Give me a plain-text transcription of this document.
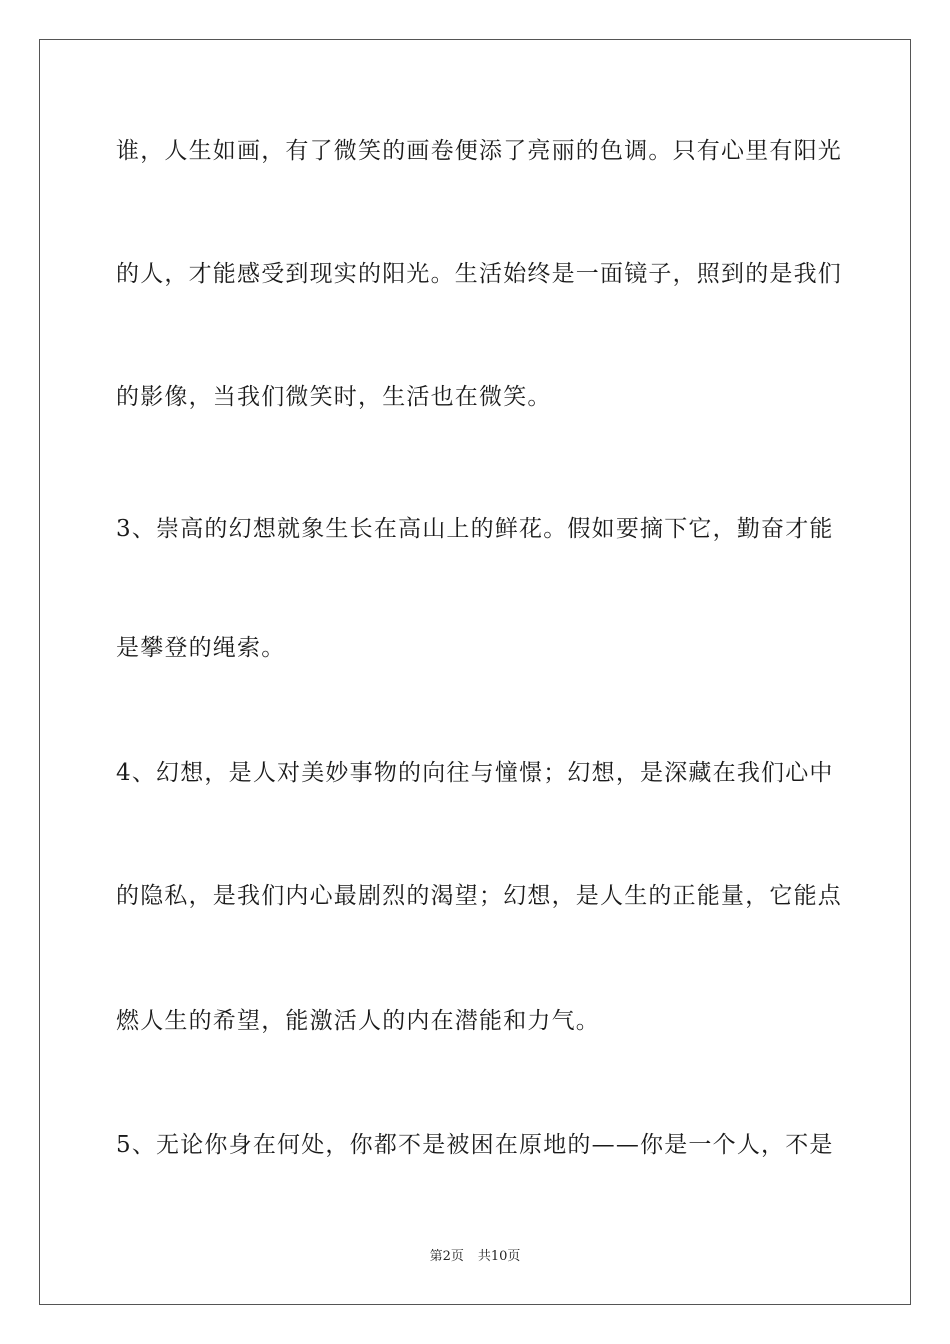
谁，人生如画，有了微笑的画卷便添了亮丽的色调。只有心里有阳光
的人，才能感受到现实的阳光。生活始终是一面镜子，照到的是我们
的影像，当我们微笑时，生活也在微笑。
3、崇高的幻想就象生长在高山上的鲜花。假如要摘下它，勤奋才能
是攀登的绳索。
4、幻想，是人对美妙事物的向往与憧憬；幻想，是深藏在我们心中
的隐私，是我们内心最剧烈的渴望；幻想，是人生的正能量，它能点
燃人生的希望，能激活人的内在潜能和力气。
5、无论你身在何处，你都不是被困在原地的——你是一个人，不是
第2页 共10页
